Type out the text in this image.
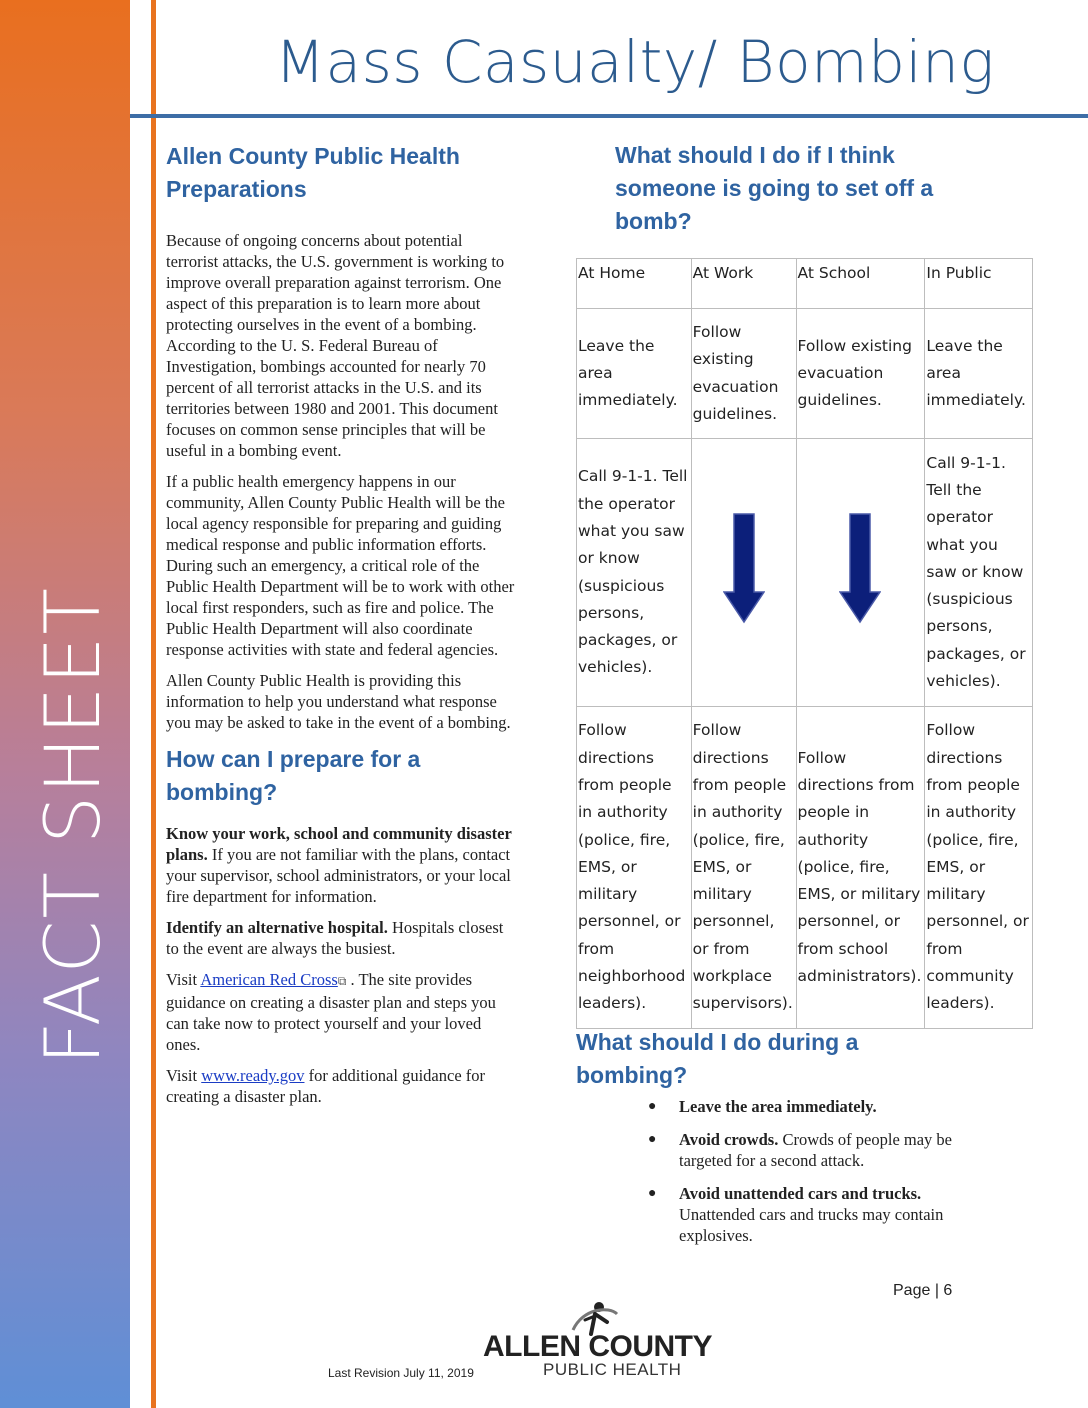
FACT SHEET
Mass Casualty/ Bombing
Allen County Public Health Preparations

Because of ongoing concerns about potential terrorist attacks, the U.S. government is working to improve overall preparation against terrorism. One aspect of this preparation is to learn more about protecting ourselves in the event of a bombing. According to the U. S. Federal Bureau of Investigation, bombings accounted for nearly 70 percent of all terrorist attacks in the U.S. and its territories between 1980 and 2001. This document focuses on common sense principles that will be useful in a bombing event.

If a public health emergency happens in our community, Allen County Public Health will be the local agency responsible for preparing and guiding medical response and public information efforts. During such an emergency, a critical role of the Public Health Department will be to work with other local first responders, such as fire and police. The Public Health Department will also coordinate response activities with state and federal agencies.

Allen County Public Health is providing this information to help you understand what response you may be asked to take in the event of a bombing.

How can I prepare for a bombing?

Know your work, school and community disaster plans. If you are not familiar with the plans, contact your supervisor, school administrators, or your local fire department for information.

Identify an alternative hospital. Hospitals closest to the event are always the busiest.

Visit American Red Cross⧉ . The site provides guidance on creating a disaster plan and steps you can take now to protect yourself and your loved ones.

Visit www.ready.gov for additional guidance for creating a disaster plan.

What should I do if I think someone is going to set off a bomb?
At Home	At Work	At School	In Public
Leave the area immediately.	Follow existing evacuation guidelines.	Follow existing evacuation guidelines.	Leave the area immediately.
Call 9-1-1. Tell the operator what you saw or know (suspicious persons, packages, or vehicles).			Call 9-1-1. Tell the operator what you saw or know (suspicious persons, packages, or vehicles).
Follow directions from people in authority (police, fire, EMS, or military personnel, or from neighborhood leaders).	Follow directions from people in authority (police, fire, EMS, or military personnel, or from workplace supervisors).	Follow directions from people in authority (police, fire, EMS, or military personnel, or from school administrators).	Follow directions from people in authority (police, fire, EMS, or military personnel, or from community leaders).
What should I do during a bombing?
● Leave the area immediately.
● Avoid crowds. Crowds of people may be targeted for a second attack.
● Avoid unattended cars and trucks. Unattended cars and trucks may contain explosives.
Page | 6
Last Revision July 11, 2019
ALLEN COUNTY
PUBLIC HEALTH
